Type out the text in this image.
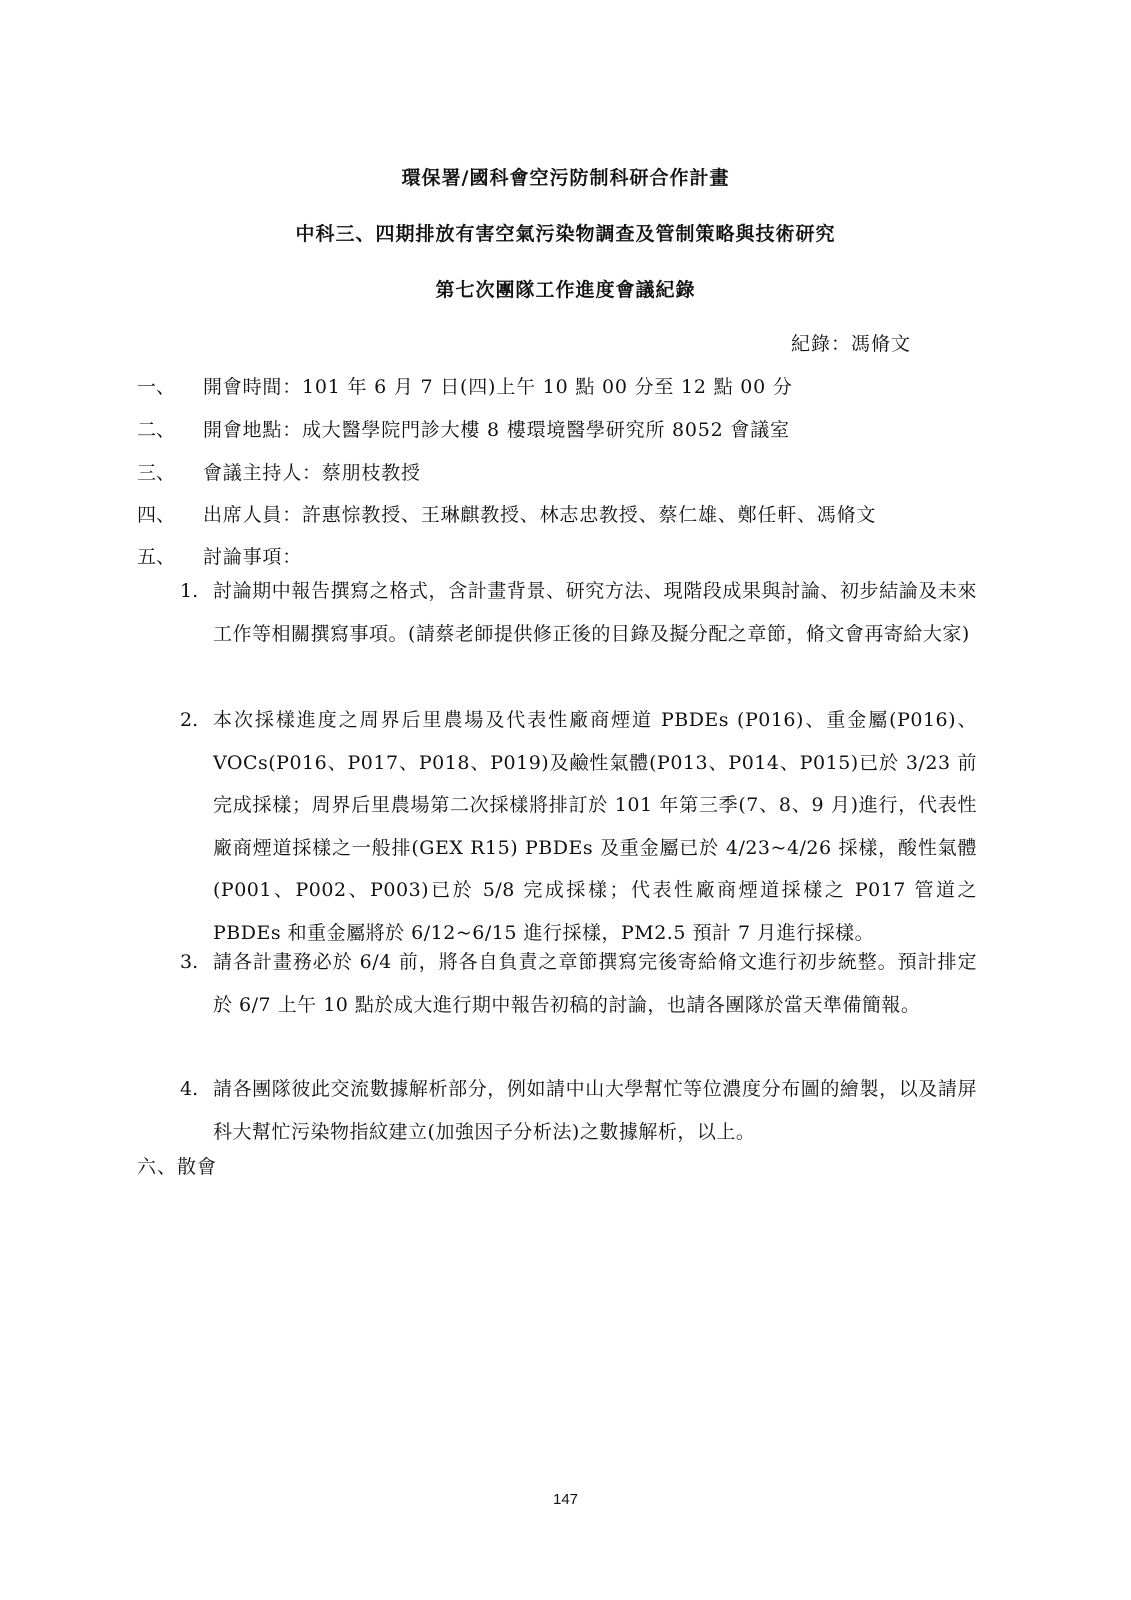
環保署/國科會空污防制科研合作計畫
中科三、四期排放有害空氣污染物調查及管制策略與技術研究
第七次團隊工作進度會議紀錄
紀錄：馮脩文
一、 開會時間：101 年 6 月 7 日(四)上午 10 點 00 分至 12 點 00 分
二、 開會地點：成大醫學院門診大樓 8 樓環境醫學研究所 8052 會議室
三、 會議主持人：蔡朋枝教授
四、 出席人員：許惠悰教授、王琳麒教授、林志忠教授、蔡仁雄、鄭任軒、馮脩文
五、 討論事項：
1. 討論期中報告撰寫之格式，含計畫背景、研究方法、現階段成果與討論、初步結論及未來工作等相關撰寫事項。(請蔡老師提供修正後的目錄及擬分配之章節，脩文會再寄給大家)
2. 本次採樣進度之周界后里農場及代表性廠商煙道 PBDEs (P016)、重金屬(P016)、VOCs(P016、P017、P018、P019)及鹼性氣體(P013、P014、P015)已於 3/23 前完成採樣；周界后里農場第二次採樣將排訂於 101 年第三季(7、8、9 月)進行，代表性廠商煙道採樣之一般排(GEX R15) PBDEs 及重金屬已於 4/23~4/26 採樣，酸性氣體(P001、P002、P003)已於 5/8 完成採樣；代表性廠商煙道採樣之 P017 管道之 PBDEs 和重金屬將於 6/12~6/15 進行採樣，PM2.5 預計 7 月進行採樣。
3. 請各計畫務必於 6/4 前，將各自負責之章節撰寫完後寄給脩文進行初步統整。預計排定於 6/7 上午 10 點於成大進行期中報告初稿的討論，也請各團隊於當天準備簡報。
4. 請各團隊彼此交流數據解析部分，例如請中山大學幫忙等位濃度分布圖的繪製，以及請屏科大幫忙污染物指紋建立(加強因子分析法)之數據解析，以上。
六、散會
147
